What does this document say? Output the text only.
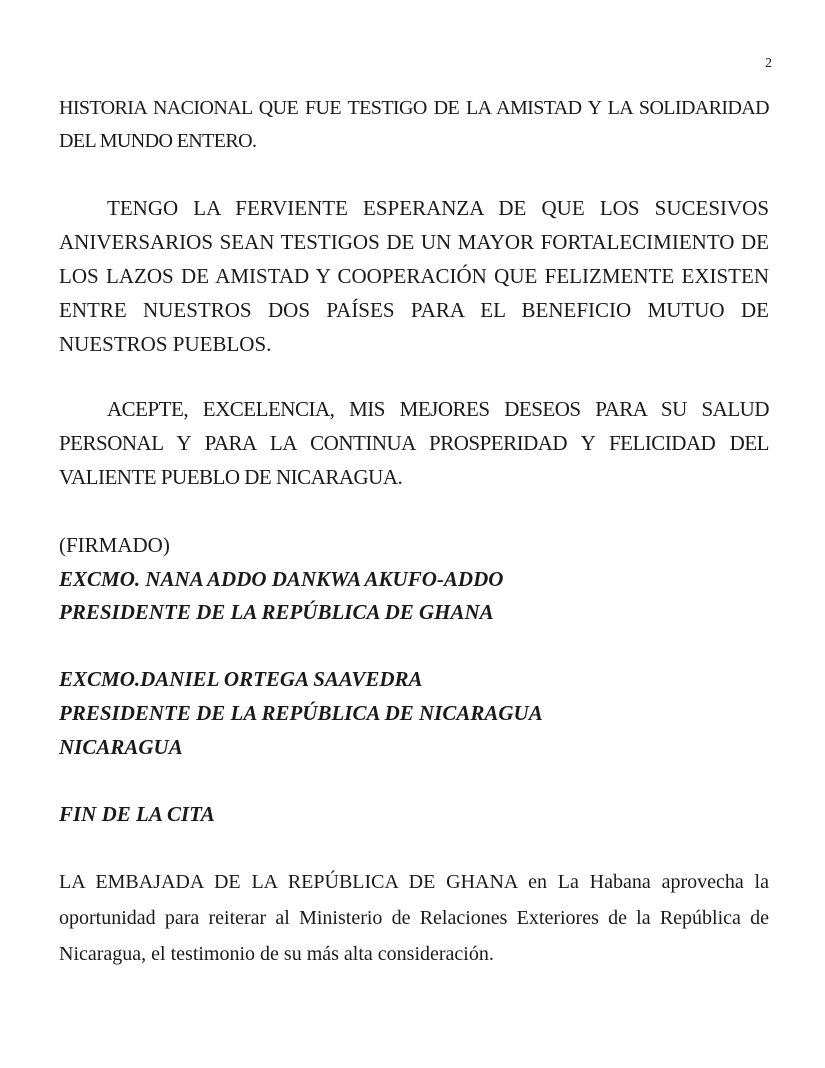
2

HISTORIA NACIONAL QUE FUE TESTIGO DE LA AMISTAD Y LA SOLIDARIDAD DEL MUNDO ENTERO.

TENGO LA FERVIENTE ESPERANZA DE QUE LOS SUCESIVOS ANIVERSARIOS SEAN TESTIGOS DE UN MAYOR FORTALECIMIENTO DE LOS LAZOS DE AMISTAD Y COOPERACIÓN QUE FELIZMENTE EXISTEN ENTRE NUESTROS DOS PAÍSES PARA EL BENEFICIO MUTUO DE NUESTROS PUEBLOS.

ACEPTE, EXCELENCIA, MIS MEJORES DESEOS PARA SU SALUD PERSONAL Y PARA LA CONTINUA PROSPERIDAD Y FELICIDAD DEL VALIENTE PUEBLO DE NICARAGUA.

(FIRMADO)

EXCMO. NANA ADDO DANKWA AKUFO-ADDO

PRESIDENTE DE LA REPÚBLICA DE GHANA

EXCMO.DANIEL ORTEGA SAAVEDRA

PRESIDENTE DE LA REPÚBLICA DE NICARAGUA

NICARAGUA

FIN DE LA CITA

LA EMBAJADA DE LA REPÚBLICA DE GHANA en La Habana aprovecha la oportunidad para reiterar al Ministerio de Relaciones Exteriores de la República de Nicaragua, el testimonio de su más alta consideración.
